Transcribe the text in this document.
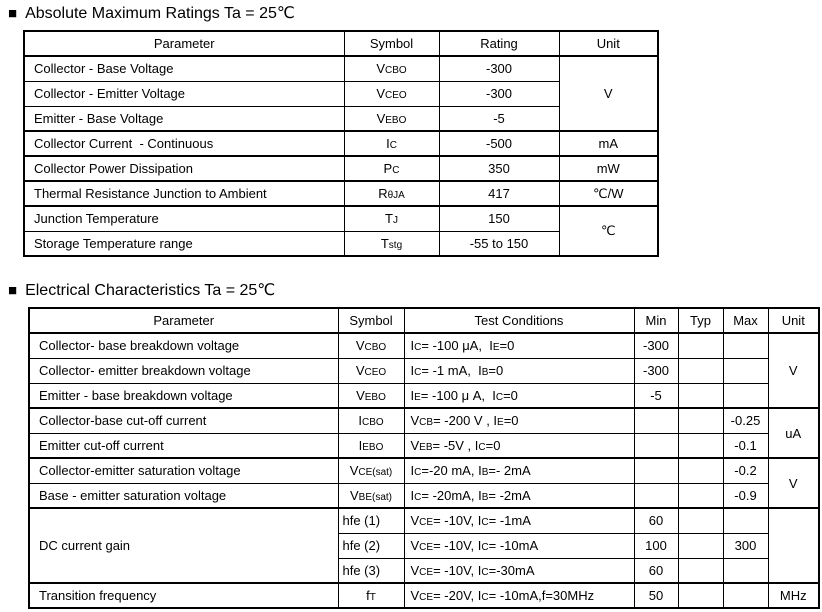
■ Absolute Maximum Ratings Ta = 25℃
Parameter	Symbol	Rating	Unit
Collector - Base Voltage	VCBO	-300	V
Collector - Emitter Voltage	VCEO	-300	
Emitter - Base Voltage	VEBO	-5	
Collector Current  - Continuous	IC	-500	mA
Collector Power Dissipation	PC	350	mW
Thermal Resistance Junction to Ambient	RθJA	417	℃/W
Junction Temperature	TJ	150	℃
Storage Temperature range	Tstg	-55 to 150	
■ Electrical Characteristics Ta = 25℃
Parameter	Symbol	Test Conditions	Min	Typ	Max	Unit
Collector- base breakdown voltage	VCBO	IC= -100 μA,  IE=0	-300			V
Collector- emitter breakdown voltage	VCEO	IC= -1 mA,  IB=0	-300			
Emitter - base breakdown voltage	VEBO	IE= -100 μ A,  IC=0	-5			
Collector-base cut-off current	ICBO	VCB= -200 V , IE=0			-0.25	uA
Emitter cut-off current	IEBO	VEB= -5V , IC=0			-0.1	
Collector-emitter saturation voltage	VCE(sat)	IC=-20 mA, IB=- 2mA			-0.2	V
Base - emitter saturation voltage	VBE(sat)	IC= -20mA, IB= -2mA			-0.9	
DC current gain	hfe (1)	VCE= -10V, IC= -1mA	60			
	hfe (2)	VCE= -10V, IC= -10mA	100		300	
	hfe (3)	VCE= -10V, IC=-30mA	60			
Transition frequency	fT	VCE= -20V, IC= -10mA,f=30MHz	50			MHz
